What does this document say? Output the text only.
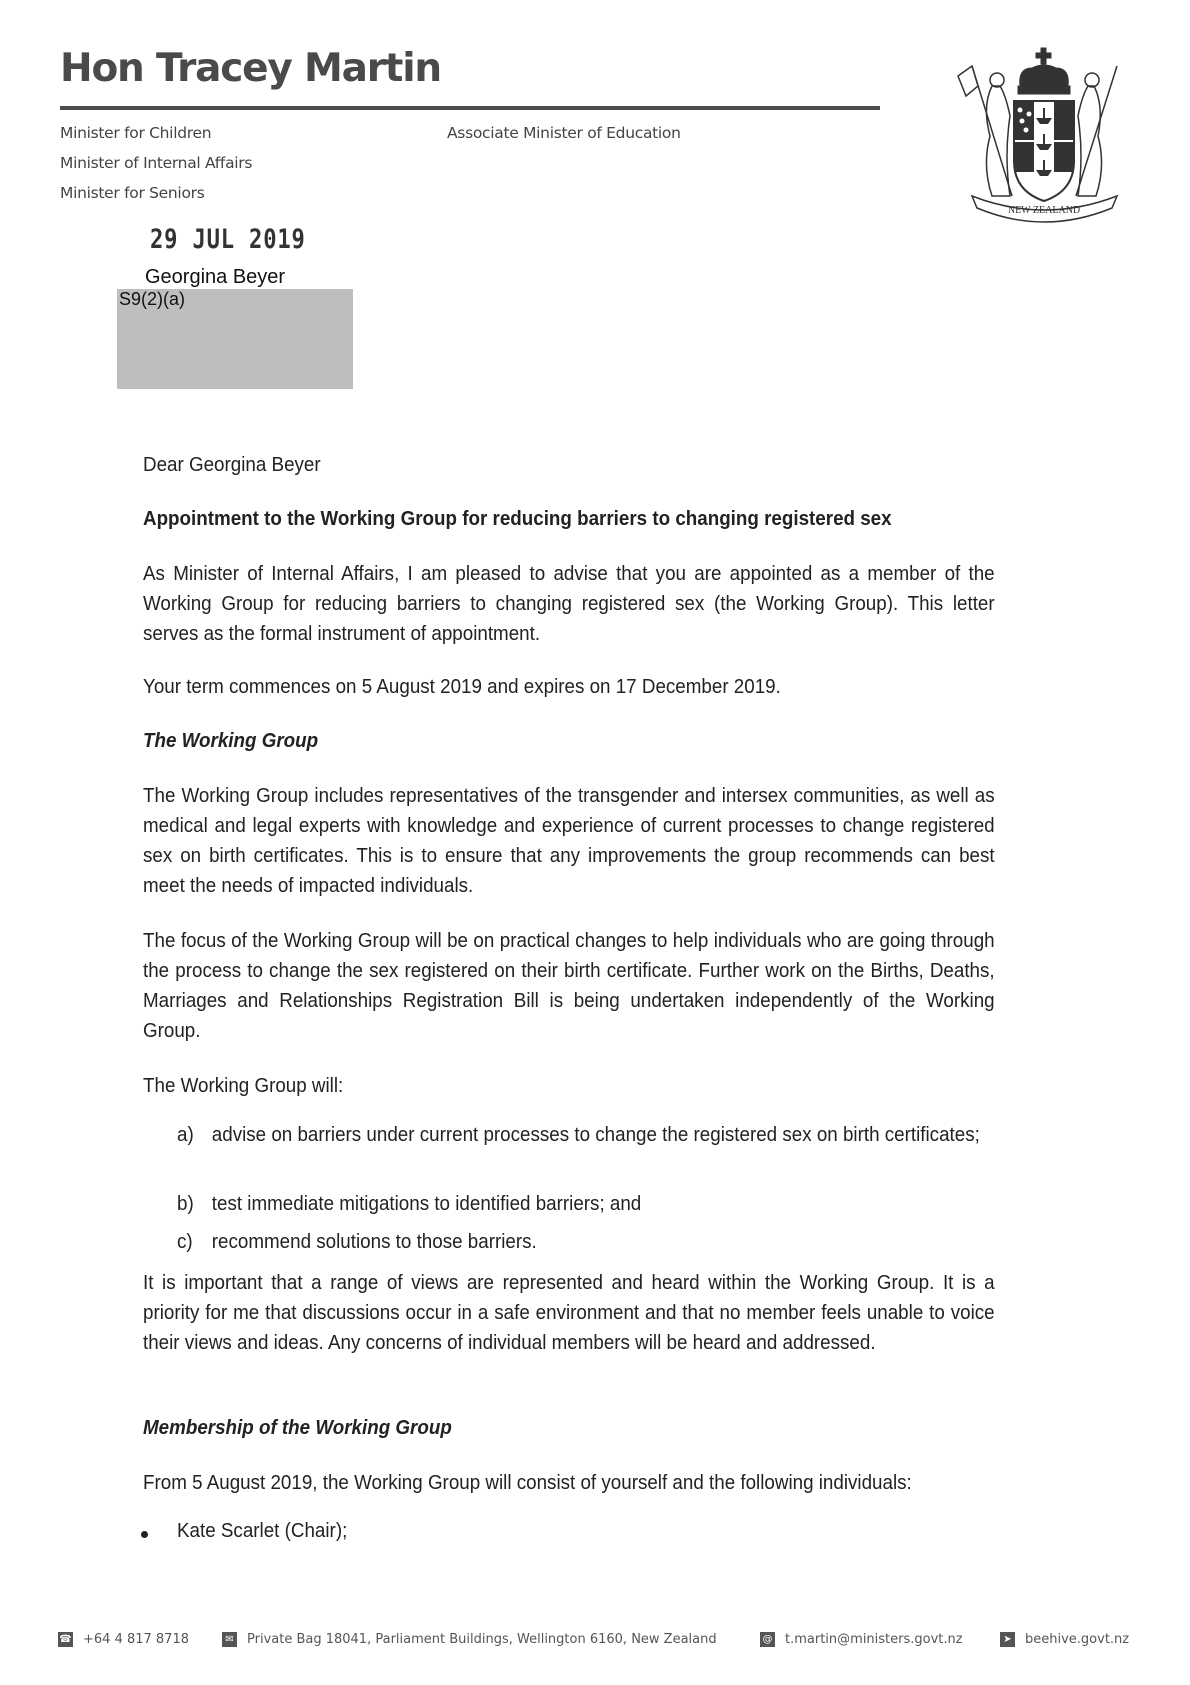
Hon Tracey Martin
Minister for Children
Minister of Internal Affairs
Minister for Seniors
Associate Minister of Education
NEW ZEALAND
29 JUL 2019
Georgina Beyer
S9(2)(a)
Dear Georgina Beyer
Appointment to the Working Group for reducing barriers to changing registered sex
As Minister of Internal Affairs, I am pleased to advise that you are appointed as a member of the Working Group for reducing barriers to changing registered sex (the Working Group). This letter serves as the formal instrument of appointment.
Your term commences on 5 August 2019 and expires on 17 December 2019.
The Working Group
The Working Group includes representatives of the transgender and intersex communities, as well as medical and legal experts with knowledge and experience of current processes to change registered sex on birth certificates. This is to ensure that any improvements the group recommends can best meet the needs of impacted individuals.
The focus of the Working Group will be on practical changes to help individuals who are going through the process to change the sex registered on their birth certificate. Further work on the Births, Deaths, Marriages and Relationships Registration Bill is being undertaken independently of the Working Group.
The Working Group will:
a) advise on barriers under current processes to change the registered sex on birth certificates;
b) test immediate mitigations to identified barriers; and
c) recommend solutions to those barriers.
It is important that a range of views are represented and heard within the Working Group. It is a priority for me that discussions occur in a safe environment and that no member feels unable to voice their views and ideas. Any concerns of individual members will be heard and addressed.
Membership of the Working Group
From 5 August 2019, the Working Group will consist of yourself and the following individuals:
Kate Scarlet (Chair);
☎ +64 4 817 8718	✉ Private Bag 18041, Parliament Buildings, Wellington 6160, New Zealand	@ t.martin@ministers.govt.nz	➤ beehive.govt.nz
